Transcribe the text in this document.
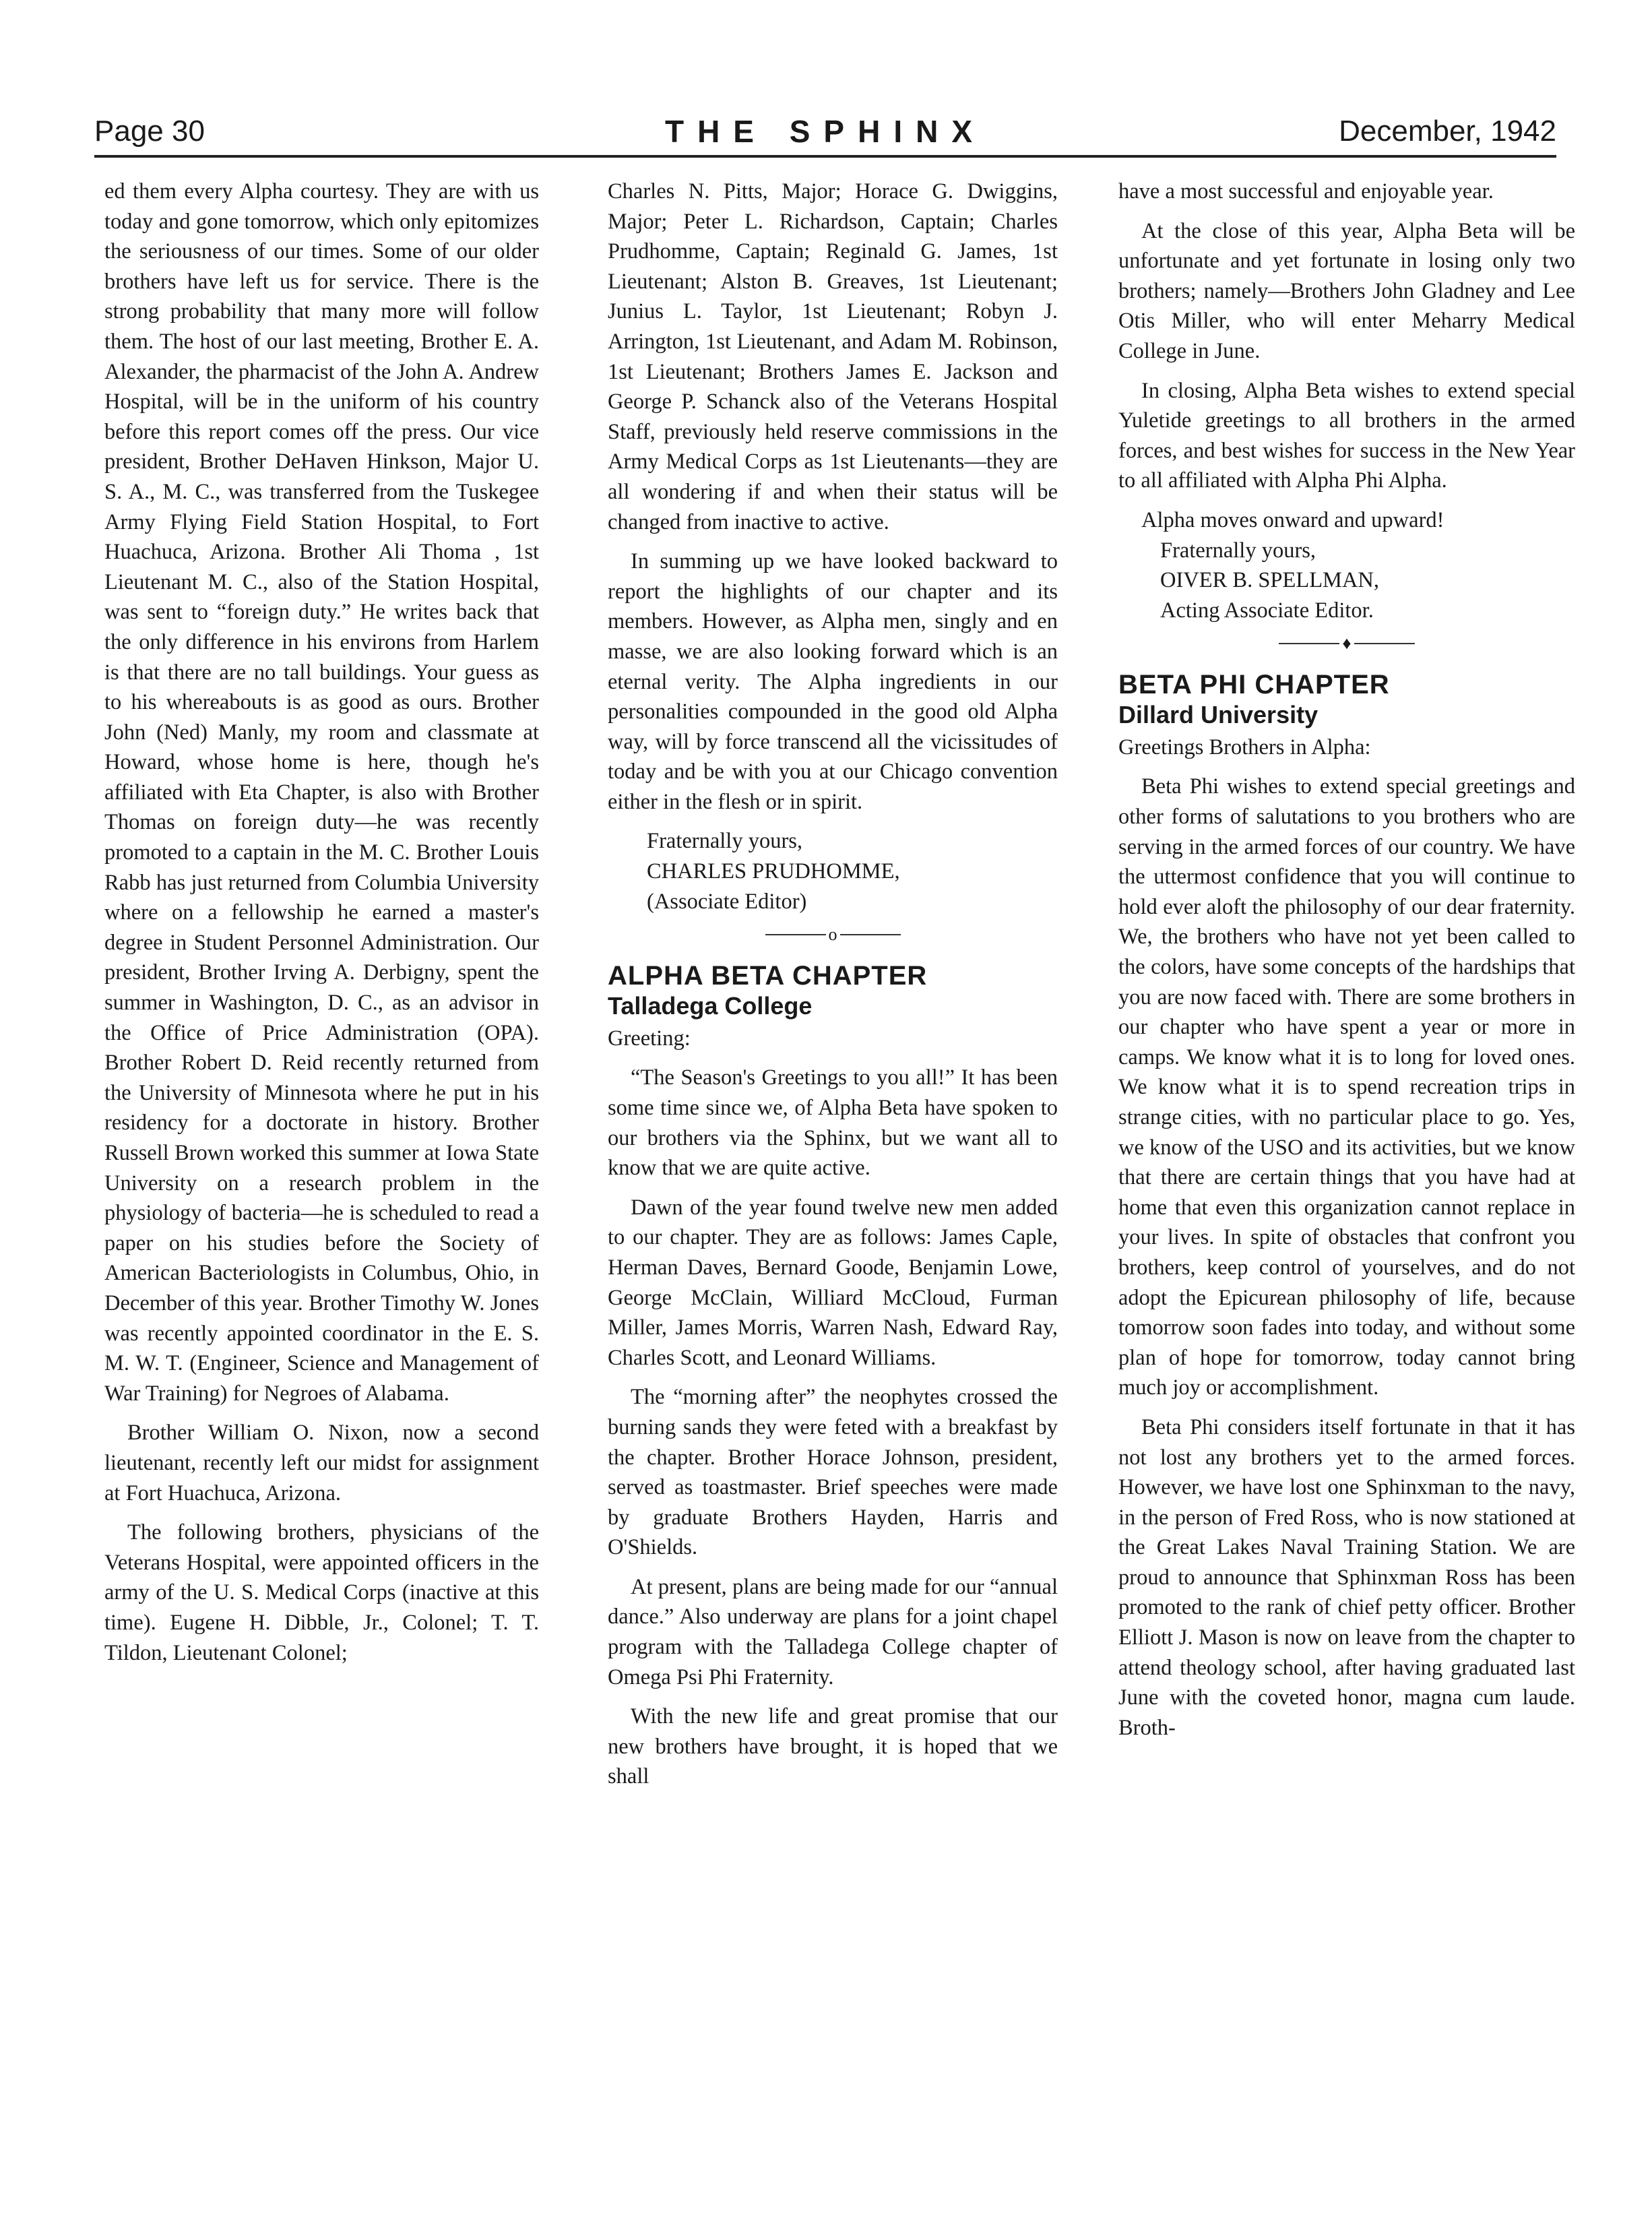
Page 30	THE SPHINX	December, 1942

ed them every Alpha courtesy. They are with us today and gone tomorrow, which only epitomizes the seriousness of our times. Some of our older brothers have left us for service. There is the strong probability that many more will follow them. The host of our last meeting, Brother E. A. Alexander, the pharmacist of the John A. Andrew Hospital, will be in the uniform of his country before this report comes off the press. Our vice president, Brother DeHaven Hinkson, Major U. S. A., M. C., was transferred from the Tuskegee Army Flying Field Station Hospital, to Fort Huachuca, Arizona. Brother Ali Thoma , 1st Lieutenant M. C., also of the Station Hospital, was sent to “foreign duty.” He writes back that the only difference in his environs from Harlem is that there are no tall buildings. Your guess as to his whereabouts is as good as ours. Brother John (Ned) Manly, my room and classmate at Howard, whose home is here, though he's affiliated with Eta Chapter, is also with Brother Thomas on foreign duty—he was recently promoted to a captain in the M. C. Brother Louis Rabb has just returned from Columbia University where on a fellowship he earned a master's degree in Student Personnel Administration. Our president, Brother Irving A. Derbigny, spent the summer in Washington, D. C., as an advisor in the Office of Price Administration (OPA). Brother Robert D. Reid recently returned from the University of Minnesota where he put in his residency for a doctorate in history. Brother Russell Brown worked this summer at Iowa State University on a research problem in the physiology of bacteria—he is scheduled to read a paper on his studies before the Society of American Bacteriologists in Columbus, Ohio, in December of this year. Brother Timothy W. Jones was recently appointed coordinator in the E. S. M. W. T. (Engineer, Science and Management of War Training) for Negroes of Alabama.

Brother William O. Nixon, now a second lieutenant, recently left our midst for assignment at Fort Huachuca, Arizona.

The following brothers, physicians of the Veterans Hospital, were appointed officers in the army of the U. S. Medical Corps (inactive at this time). Eugene H. Dibble, Jr., Colonel; T. T. Tildon, Lieutenant Colonel;

Charles N. Pitts, Major; Horace G. Dwiggins, Major; Peter L. Richardson, Captain; Charles Prudhomme, Captain; Reginald G. James, 1st Lieutenant; Alston B. Greaves, 1st Lieutenant; Junius L. Taylor, 1st Lieutenant; Robyn J. Arrington, 1st Lieutenant, and Adam M. Robinson, 1st Lieutenant; Brothers James E. Jackson and George P. Schanck also of the Veterans Hospital Staff, previously held reserve commissions in the Army Medical Corps as 1st Lieutenants—they are all wondering if and when their status will be changed from inactive to active.

In summing up we have looked backward to report the highlights of our chapter and its members. However, as Alpha men, singly and en masse, we are also looking forward which is an eternal verity. The Alpha ingredients in our personalities compounded in the good old Alpha way, will by force transcend all the vicissitudes of today and be with you at our Chicago convention either in the flesh or in spirit.

Fraternally yours,
CHARLES PRUDHOMME,
(Associate Editor)
o
ALPHA BETA CHAPTER
Talladega College

Greeting:

“The Season's Greetings to you all!” It has been some time since we, of Alpha Beta have spoken to our brothers via the Sphinx, but we want all to know that we are quite active.

Dawn of the year found twelve new men added to our chapter. They are as follows: James Caple, Herman Daves, Bernard Goode, Benjamin Lowe, George McClain, Williard McCloud, Furman Miller, James Morris, Warren Nash, Edward Ray, Charles Scott, and Leonard Williams.

The “morning after” the neophytes crossed the burning sands they were feted with a breakfast by the chapter. Brother Horace Johnson, president, served as toastmaster. Brief speeches were made by graduate Brothers Hayden, Harris and O'Shields.

At present, plans are being made for our “annual dance.” Also underway are plans for a joint chapel program with the Talladega College chapter of Omega Psi Phi Fraternity.

With the new life and great promise that our new brothers have brought, it is hoped that we shall

have a most successful and enjoyable year.

At the close of this year, Alpha Beta will be unfortunate and yet fortunate in losing only two brothers; namely—Brothers John Gladney and Lee Otis Miller, who will enter Meharry Medical College in June.

In closing, Alpha Beta wishes to extend special Yuletide greetings to all brothers in the armed forces, and best wishes for success in the New Year to all affiliated with Alpha Phi Alpha.

Alpha moves onward and upward!

Fraternally yours,
OIVER B. SPELLMAN,
Acting Associate Editor.
♦
BETA PHI CHAPTER
Dillard University

Greetings Brothers in Alpha:

Beta Phi wishes to extend special greetings and other forms of salutations to you brothers who are serving in the armed forces of our country. We have the uttermost confidence that you will continue to hold ever aloft the philosophy of our dear fraternity. We, the brothers who have not yet been called to the colors, have some concepts of the hardships that you are now faced with. There are some brothers in our chapter who have spent a year or more in camps. We know what it is to long for loved ones. We know what it is to spend recreation trips in strange cities, with no particular place to go. Yes, we know of the USO and its activities, but we know that there are certain things that you have had at home that even this organization cannot replace in your lives. In spite of obstacles that confront you brothers, keep control of yourselves, and do not adopt the Epicurean philosophy of life, because tomorrow soon fades into today, and without some plan of hope for tomorrow, today cannot bring much joy or accomplishment.

Beta Phi considers itself fortunate in that it has not lost any brothers yet to the armed forces. However, we have lost one Sphinxman to the navy, in the person of Fred Ross, who is now stationed at the Great Lakes Naval Training Station. We are proud to announce that Sphinxman Ross has been promoted to the rank of chief petty officer. Brother Elliott J. Mason is now on leave from the chapter to attend theology school, after having graduated last June with the coveted honor, magna cum laude. Broth-
